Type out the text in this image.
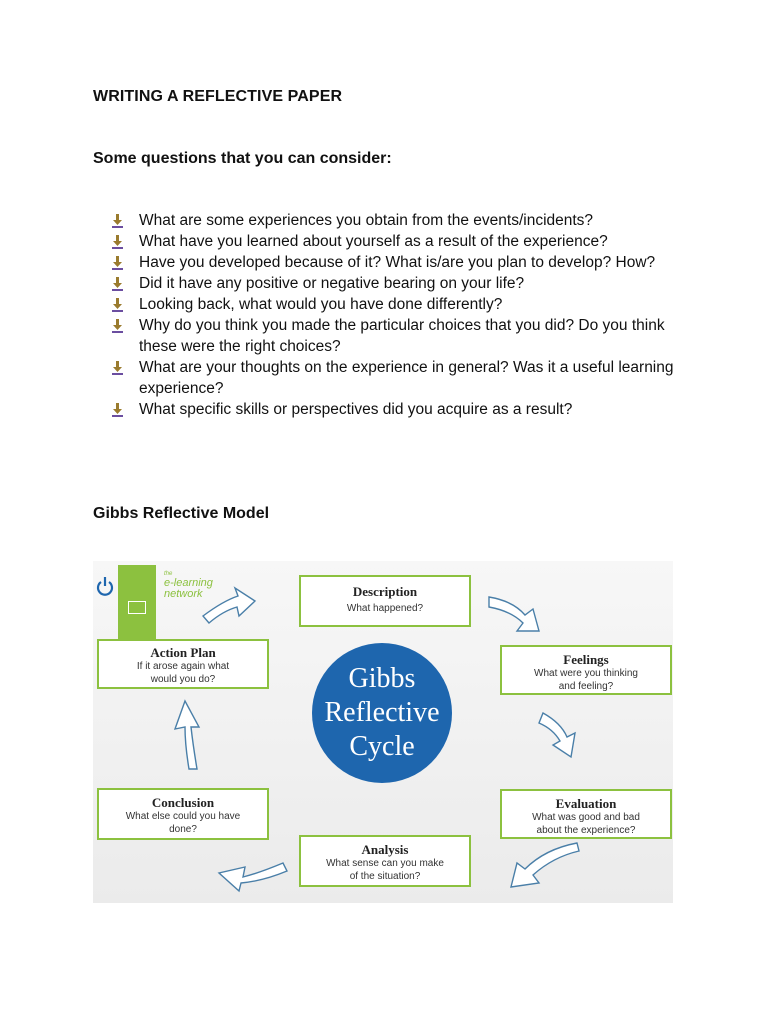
WRITING A REFLECTIVE PAPER
Some questions that you can consider:
What are some experiences you obtain from the events/incidents?
What have you learned about yourself as a result of the experience?
Have you developed because of it? What is/are you plan to develop? How?
Did it have any positive or negative bearing on your life?
Looking back, what would you have done differently?
Why do you think you made the particular choices that you did? Do you think these were the right choices?
What are your thoughts on the experience in general? Was it a useful learning experience?
What specific skills or perspectives did you acquire as a result?
Gibbs Reflective Model
the
e-learning
network	Description
What happened?
Feelings
What were you thinking
and feeling?
Evaluation
What was good and bad
about the experience?
Analysis
What sense can you make
of the situation?
Conclusion
What else could you have
done?
Action Plan
If it arose again what
would you do?	Gibbs
Reflective
Cycle
